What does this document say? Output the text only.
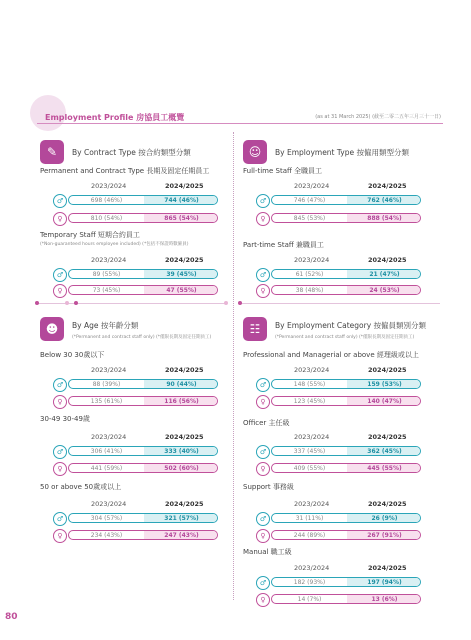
Employment Profile 房協員工概覽	(as at 31 March 2025) (截至二零二五年三月三十一日)
✎	By Contract Type 按合約類型分類
Permanent and Contract Type 長期及固定任期員工
2023/2024	2024/2025
♂	698 (46%)	744 (46%)
♀	810 (54%)	865 (54%)
Temporary Staff 短期合約員工
(*Non-guaranteed hours employee included) (*包括不保證時數僱員)
2023/2024	2024/2025
♂	89 (55%)	39 (45%)
♀	73 (45%)	47 (55%)
☺	By Employment Type 按僱用類型分類
Full-time Staff 全職員工
2023/2024	2024/2025
♂	746 (47%)	762 (46%)
♀	845 (53%)	888 (54%)
Part-time Staff 兼職員工
2023/2024	2024/2025
♂	61 (52%)	21 (47%)
♀	38 (48%)	24 (53%)
☻	By Age 按年齡分類
(*Permanent and contract staff only) (*僅限長期及固定任期員工)
Below 30 30歲以下
2023/2024	2024/2025
♂	88 (39%)	90 (44%)
♀	135 (61%)	116 (56%)
30-49 30-49歲
2023/2024	2024/2025
♂	306 (41%)	333 (40%)
♀	441 (59%)	502 (60%)
50 or above 50歲或以上
2023/2024	2024/2025
♂	304 (57%)	321 (57%)
♀	234 (43%)	247 (43%)
☷	By Employment Category 按僱員類別分類
(*Permanent and contract staff only) (*僅限長期及固定任期員工)
Professional and Managerial or above 經理級或以上
2023/2024	2024/2025
♂	148 (55%)	159 (53%)
♀	123 (45%)	140 (47%)
Officer 主任級
2023/2024	2024/2025
♂	337 (45%)	362 (45%)
♀	409 (55%)	445 (55%)
Support 事務級
2023/2024	2024/2025
♂	31 (11%)	26 (9%)
♀	244 (89%)	267 (91%)
Manual 職工級
2023/2024	2024/2025
♂	182 (93%)	197 (94%)
♀	14 (7%)	13 (6%)
80
